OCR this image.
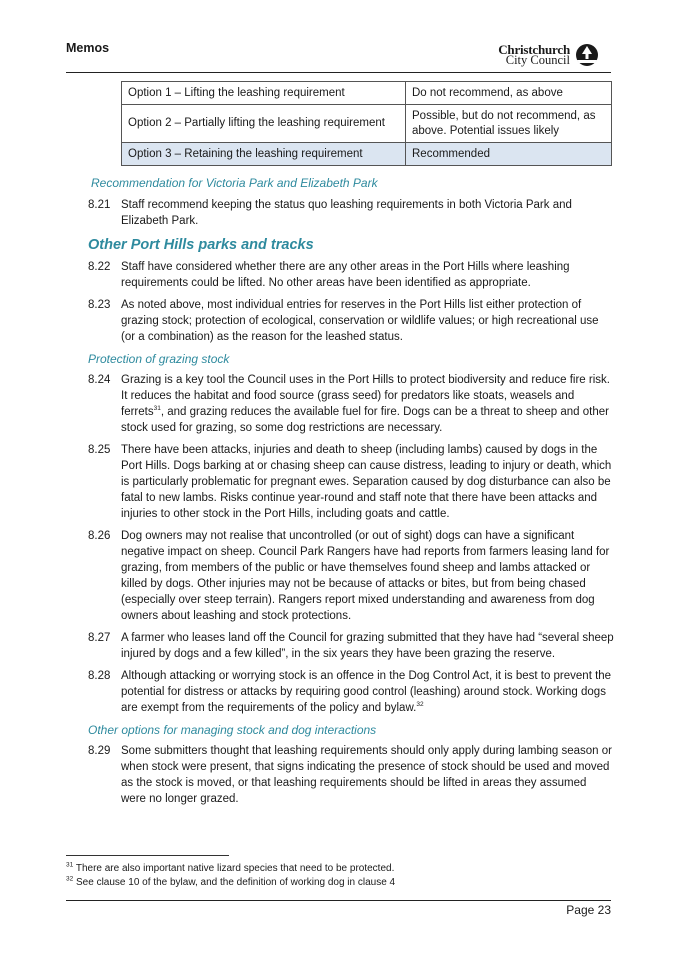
Memos	Christchurch
City Council
Option 1 – Lifting the leashing requirement	Do not recommend, as above
Option 2 – Partially lifting the leashing requirement	Possible, but do not recommend, as above. Potential issues likely
Option 3 – Retaining the leashing requirement	Recommended

Recommendation for Victoria Park and Elizabeth Park

8.21 Staff recommend keeping the status quo leashing requirements in both Victoria Park and Elizabeth Park.

Other Port Hills parks and tracks

8.22 Staff have considered whether there are any other areas in the Port Hills where leashing requirements could be lifted. No other areas have been identified as appropriate.
8.23 As noted above, most individual entries for reserves in the Port Hills list either protection of grazing stock; protection of ecological, conservation or wildlife values; or high recreational use (or a combination) as the reason for the leashed status.

Protection of grazing stock

8.24 Grazing is a key tool the Council uses in the Port Hills to protect biodiversity and reduce fire risk. It reduces the habitat and food source (grass seed) for predators like stoats, weasels and ferrets$^{31}$, and grazing reduces the available fuel for fire. Dogs can be a threat to sheep and other stock used for grazing, so some dog restrictions are necessary.
8.25 There have been attacks, injuries and death to sheep (including lambs) caused by dogs in the Port Hills. Dogs barking at or chasing sheep can cause distress, leading to injury or death, which is particularly problematic for pregnant ewes. Separation caused by dog disturbance can also be fatal to new lambs. Risks continue year-round and staff note that there have been attacks and injuries to other stock in the Port Hills, including goats and cattle.
8.26 Dog owners may not realise that uncontrolled (or out of sight) dogs can have a significant negative impact on sheep. Council Park Rangers have had reports from farmers leasing land for grazing, from members of the public or have themselves found sheep and lambs attacked or killed by dogs. Other injuries may not be because of attacks or bites, but from being chased (especially over steep terrain). Rangers report mixed understanding and awareness from dog owners about leashing and stock protections.
8.27 A farmer who leases land off the Council for grazing submitted that they have had “several sheep injured by dogs and a few killed”, in the six years they have been grazing the reserve.
8.28 Although attacking or worrying stock is an offence in the Dog Control Act, it is best to prevent the potential for distress or attacks by requiring good control (leashing) around stock. Working dogs are exempt from the requirements of the policy and bylaw.$^{32}$

Other options for managing stock and dog interactions

8.29 Some submitters thought that leashing requirements should only apply during lambing season or when stock were present, that signs indicating the presence of stock should be used and moved as the stock is moved, or that leashing requirements should be lifted in areas they assumed were no longer grazed.
$^{31}$ There are also important native lizard species that need to be protected.
$^{32}$ See clause 10 of the bylaw, and the definition of working dog in clause 4
Page 23
